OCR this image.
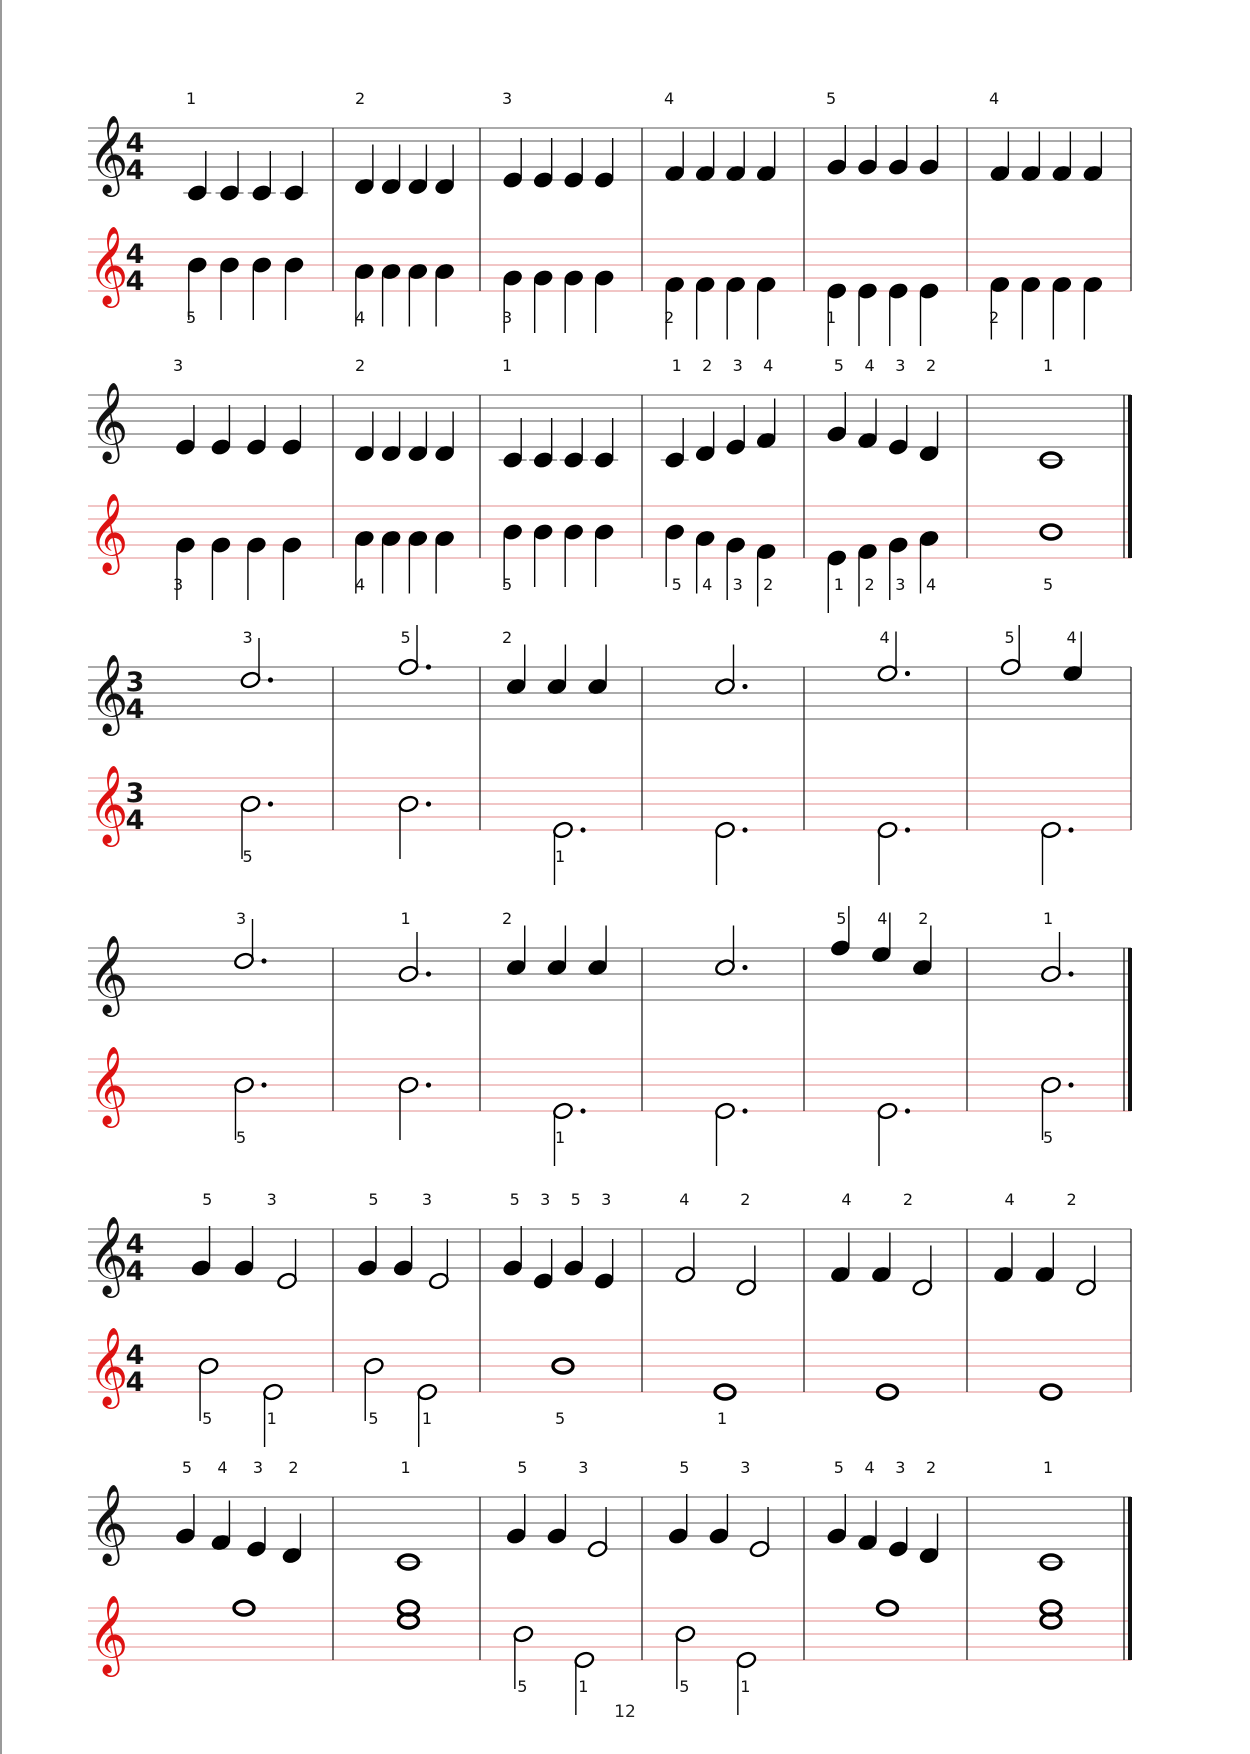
𝄞
𝄞
4
4
4
4
1
5
2
4
3
3
4
2
5
1
4
2
𝄞
𝄞
3
3
2
4
1
5
1 2 3 4
5 4 3 2
5 4 3 2
1 2 3 4
1
5
𝄞
𝄞
3
4
3
4
3
5
5	2
1
4	5	4
𝄞
𝄞
3
5
1	2
1
5 4 2	1
5
𝄞
𝄞
4
4
4
4
5	3
5	1
5	3
5	1
5 3 5 3
5
4	2
1
4	2	4	2
𝄞
𝄞
5 4 3 2	1	5	3
5	1
5	3
5	1
5 4 3 2	1
12
